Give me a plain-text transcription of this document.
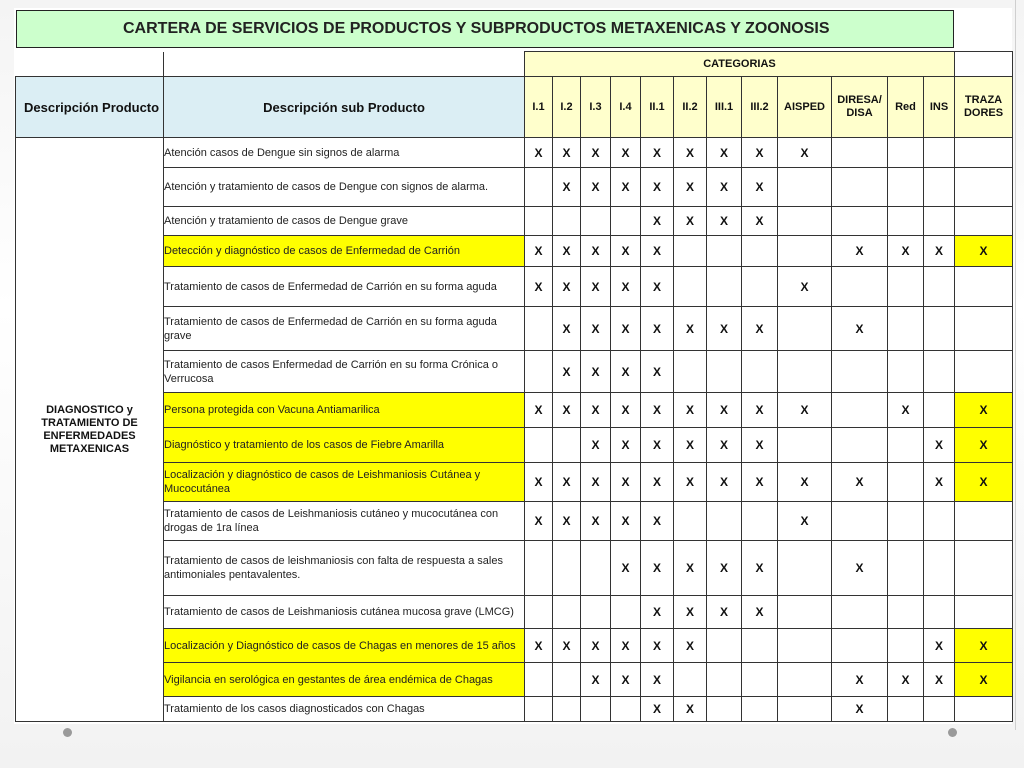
CARTERA DE SERVICIOS DE PRODUCTOS Y SUBPRODUCTOS METAXENICAS Y ZOONOSIS
		CATEGORIAS												
Descripción Producto	Descripción sub Producto	I.1	I.2	I.3	I.4	II.1	II.2	III.1	III.2	AISPED	DIRESA/ DISA	Red	INS	TRAZA DORES
DIAGNOSTICO y TRATAMIENTO DE ENFERMEDADES METAXENICAS	Atención casos de Dengue sin signos de alarma	X	X	X	X	X	X	X	X	X				
	Atención y tratamiento de casos de Dengue con signos de alarma.		X	X	X	X	X	X	X					
	Atención y tratamiento de casos de Dengue grave					X	X	X	X					
	Detección y diagnóstico de casos de Enfermedad de Carrión	X	X	X	X	X					X	X	X	X
	Tratamiento de casos de Enfermedad de Carrión en su forma aguda	X	X	X	X	X				X				
	Tratamiento de casos de Enfermedad de Carrión en su forma aguda grave		X	X	X	X	X	X	X		X			
	Tratamiento de casos Enfermedad de Carrión en su forma Crónica o Verrucosa		X	X	X	X								
	Persona protegida con Vacuna Antiamarilica	X	X	X	X	X	X	X	X	X		X		X
	Diagnóstico y tratamiento de los casos de Fiebre Amarilla			X	X	X	X	X	X				X	X
	Localización y diagnóstico de casos de Leishmaniosis Cutánea y Mucocutánea	X	X	X	X	X	X	X	X	X	X		X	X
	Tratamiento de casos de Leishmaniosis cutáneo y mucocutánea con drogas de 1ra línea	X	X	X	X	X				X				
	Tratamiento de casos de leishmaniosis con falta de respuesta a sales antimoniales pentavalentes.				X	X	X	X	X		X			
	Tratamiento de casos de Leishmaniosis cutánea mucosa grave (LMCG)					X	X	X	X					
	Localización y Diagnóstico de casos de Chagas en menores de 15 años	X	X	X	X	X	X						X	X
	Vigilancia en serológica en gestantes de área endémica de Chagas			X	X	X					X	X	X	X
	Tratamiento de los casos diagnosticados con Chagas					X	X				X			
